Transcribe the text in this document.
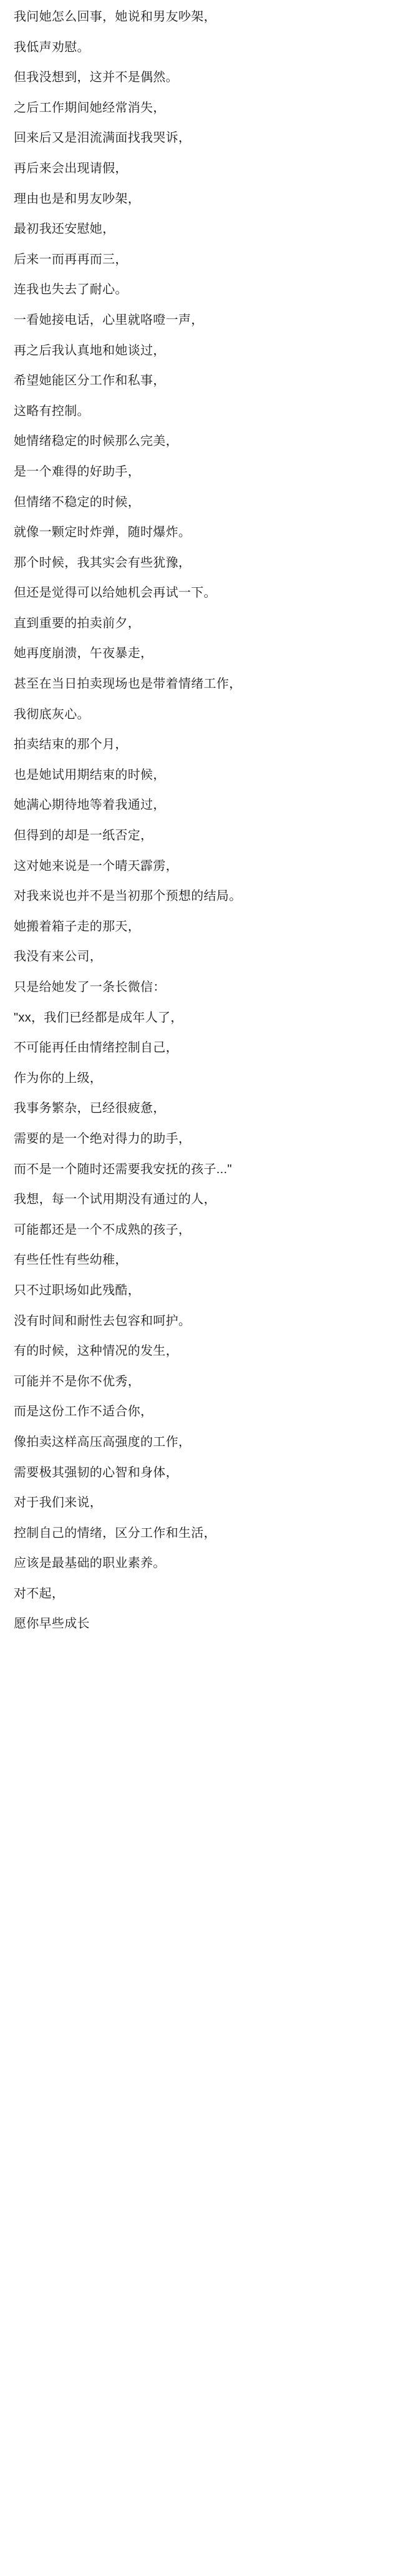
我问她怎么回事，她说和男友吵架，

我低声劝慰。

但我没想到，这并不是偶然。

之后工作期间她经常消失，

回来后又是泪流满面找我哭诉，

再后来会出现请假，

理由也是和男友吵架，

最初我还安慰她，

后来一而再再而三，

连我也失去了耐心。

一看她接电话，心里就咯噔一声，

再之后我认真地和她谈过，

希望她能区分工作和私事，

这略有控制。

她情绪稳定的时候那么完美，

是一个难得的好助手，

但情绪不稳定的时候，

就像一颗定时炸弹，随时爆炸。

那个时候，我其实会有些犹豫，

但还是觉得可以给她机会再试一下。

直到重要的拍卖前夕，

她再度崩溃，午夜暴走，

甚至在当日拍卖现场也是带着情绪工作，

我彻底灰心。

拍卖结束的那个月，

也是她试用期结束的时候，

她满心期待地等着我通过，

但得到的却是一纸否定，

这对她来说是一个晴天霹雳，

对我来说也并不是当初那个预想的结局。

她搬着箱子走的那天，

我没有来公司，

只是给她发了一条长微信：

"xx，我们已经都是成年人了，

不可能再任由情绪控制自己，

作为你的上级，

我事务繁杂，已经很疲惫，

需要的是一个绝对得力的助手，

而不是一个随时还需要我安抚的孩子..."

我想，每一个试用期没有通过的人，

可能都还是一个不成熟的孩子，

有些任性有些幼稚，

只不过职场如此残酷，

没有时间和耐性去包容和呵护。

有的时候，这种情况的发生，

可能并不是你不优秀，

而是这份工作不适合你，

像拍卖这样高压高强度的工作，

需要极其强韧的心智和身体，

对于我们来说，

控制自己的情绪，区分工作和生活，

应该是最基础的职业素养。

对不起，

愿你早些成长
